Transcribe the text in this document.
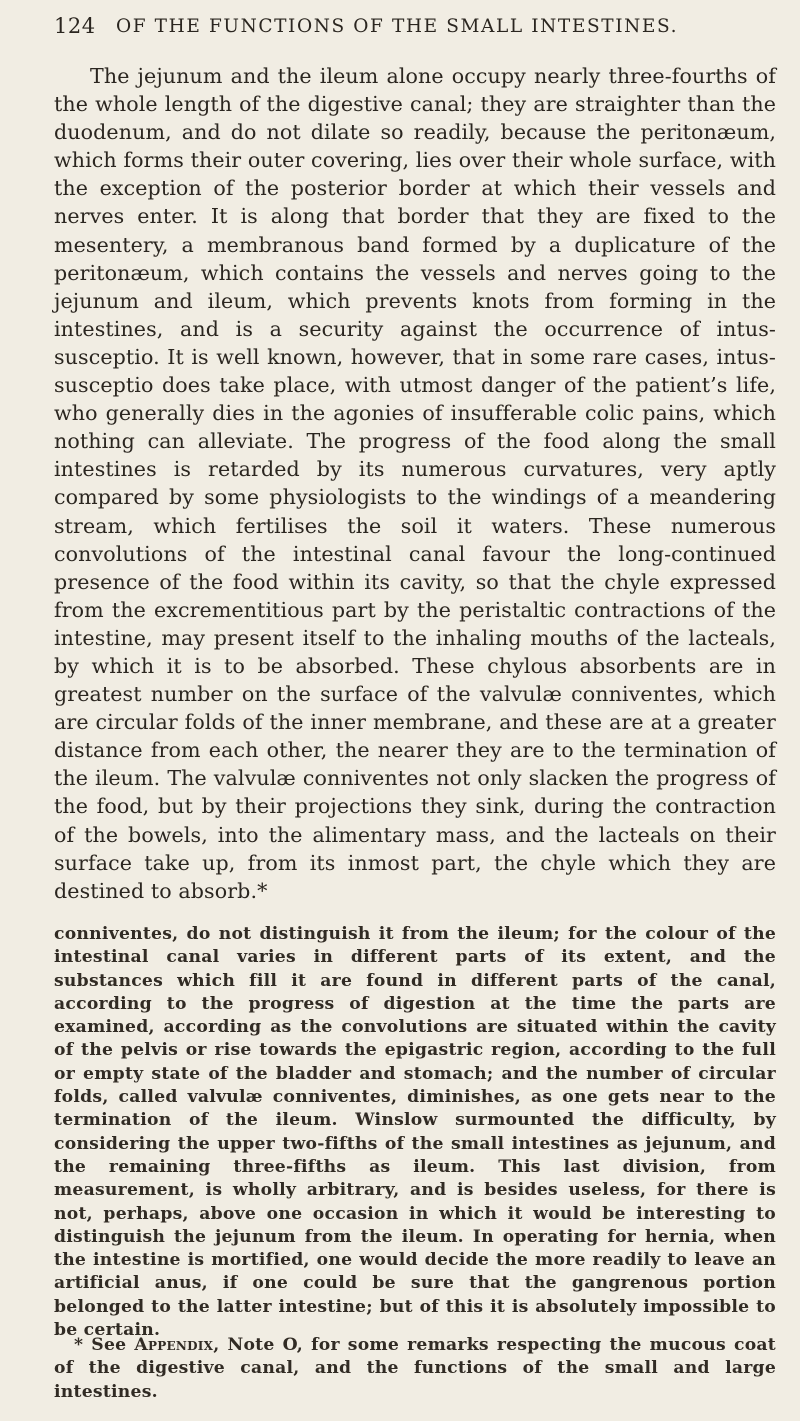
124 OF THE FUNCTIONS OF THE SMALL INTESTINES.

The jejunum and the ileum alone occupy nearly three-fourths of the whole length of the digestive canal; they are straighter than the duodenum, and do not dilate so readily, because the peritonæum, which forms their outer covering, lies over their whole surface, with the exception of the posterior border at which their vessels and nerves enter. It is along that border that they are fixed to the mesentery, a membranous band formed by a duplicature of the peritonæum, which contains the vessels and nerves going to the jejunum and ileum, which prevents knots from forming in the intestines, and is a security against the occurrence of intus-susceptio. It is well known, however, that in some rare cases, intus-susceptio does take place, with utmost danger of the patient’s life, who generally dies in the agonies of insufferable colic pains, which nothing can alleviate. The progress of the food along the small intestines is retarded by its numerous curvatures, very aptly compared by some physiologists to the windings of a meandering stream, which fertilises the soil it waters. These numerous convolutions of the intestinal canal favour the long-continued presence of the food within its cavity, so that the chyle expressed from the excrementitious part by the peristaltic contractions of the intestine, may present itself to the inhaling mouths of the lacteals, by which it is to be absorbed. These chylous absorbents are in greatest number on the surface of the valvulæ conniventes, which are circular folds of the inner membrane, and these are at a greater distance from each other, the nearer they are to the termination of the ileum. The valvulæ conniventes not only slacken the progress of the food, but by their projections they sink, during the contraction of the bowels, into the alimentary mass, and the lacteals on their surface take up, from its inmost part, the chyle which they are destined to absorb.*

conniventes, do not distinguish it from the ileum; for the colour of the intestinal canal varies in different parts of its extent, and the substances which fill it are found in different parts of the canal, according to the progress of digestion at the time the parts are examined, according as the convolutions are situated within the cavity of the pelvis or rise towards the epigastric region, according to the full or empty state of the bladder and stomach; and the number of circular folds, called valvulæ conniventes, diminishes, as one gets near to the termination of the ileum. Winslow surmounted the difficulty, by considering the upper two-fifths of the small intestines as jejunum, and the remaining three-fifths as ileum. This last division, from measurement, is wholly arbitrary, and is besides useless, for there is not, perhaps, above one occasion in which it would be interesting to distinguish the jejunum from the ileum. In operating for hernia, when the intestine is mortified, one would decide the more readily to leave an artificial anus, if one could be sure that the gangrenous portion belonged to the latter intestine; but of this it is absolutely impossible to be certain.

* See Appendix, Note O, for some remarks respecting the mucous coat of the digestive canal, and the functions of the small and large intestines.
